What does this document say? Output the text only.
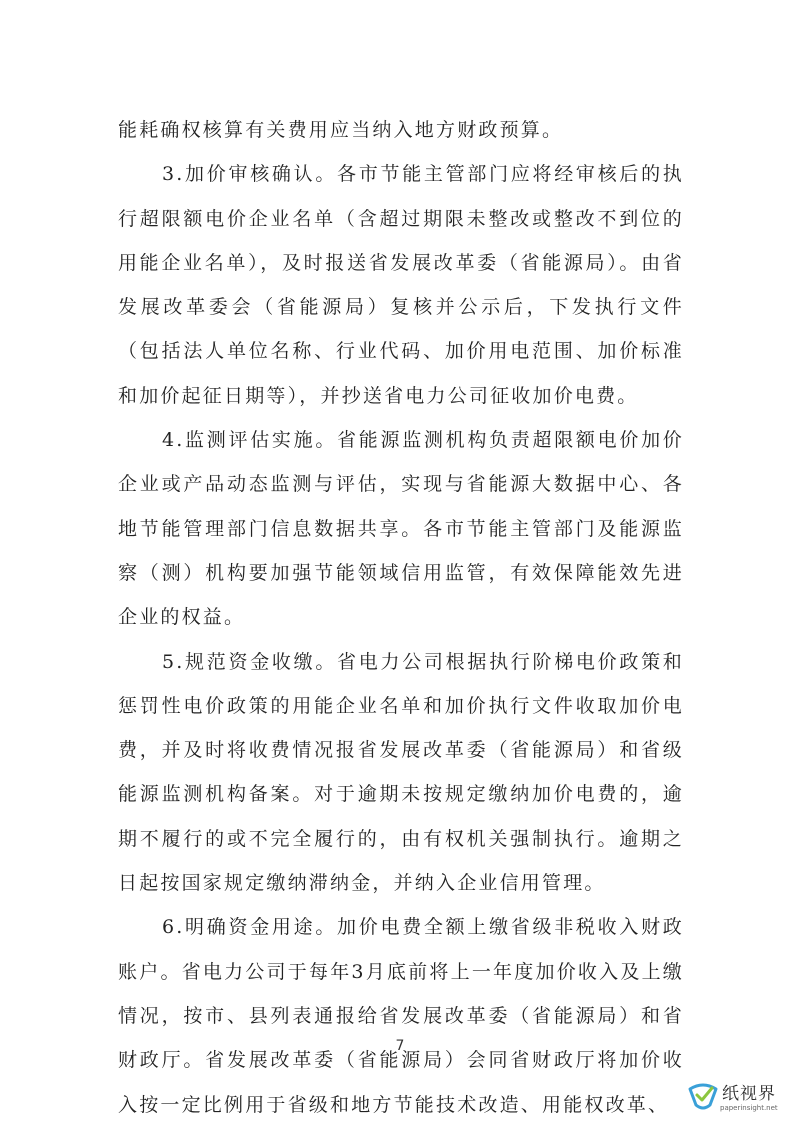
能耗确权核算有关费用应当纳入地方财政预算。

3.加价审核确认。各市节能主管部门应将经审核后的执行超限额电价企业名单（含超过期限未整改或整改不到位的用能企业名单），及时报送省发展改革委（省能源局）。由省发展改革委会（省能源局）复核并公示后，下发执行文件（包括法人单位名称、行业代码、加价用电范围、加价标准和加价起征日期等），并抄送省电力公司征收加价电费。

4.监测评估实施。省能源监测机构负责超限额电价加价企业或产品动态监测与评估，实现与省能源大数据中心、各地节能管理部门信息数据共享。各市节能主管部门及能源监察（测）机构要加强节能领域信用监管，有效保障能效先进企业的权益。

5.规范资金收缴。省电力公司根据执行阶梯电价政策和惩罚性电价政策的用能企业名单和加价执行文件收取加价电费，并及时将收费情况报省发展改革委（省能源局）和省级能源监测机构备案。对于逾期未按规定缴纳加价电费的，逾期不履行的或不完全履行的，由有权机关强制执行。逾期之日起按国家规定缴纳滞纳金，并纳入企业信用管理。

6.明确资金用途。加价电费全额上缴省级非税收入财政账户。省电力公司于每年3月底前将上一年度加价收入及上缴情况，按市、县列表通报给省发展改革委（省能源局）和省财政厅。省发展改革委（省能源局）会同省财政厅将加价收入按一定比例用于省级和地方节能技术改造、用能权改革、

7
纸视界
paperinsight.net
